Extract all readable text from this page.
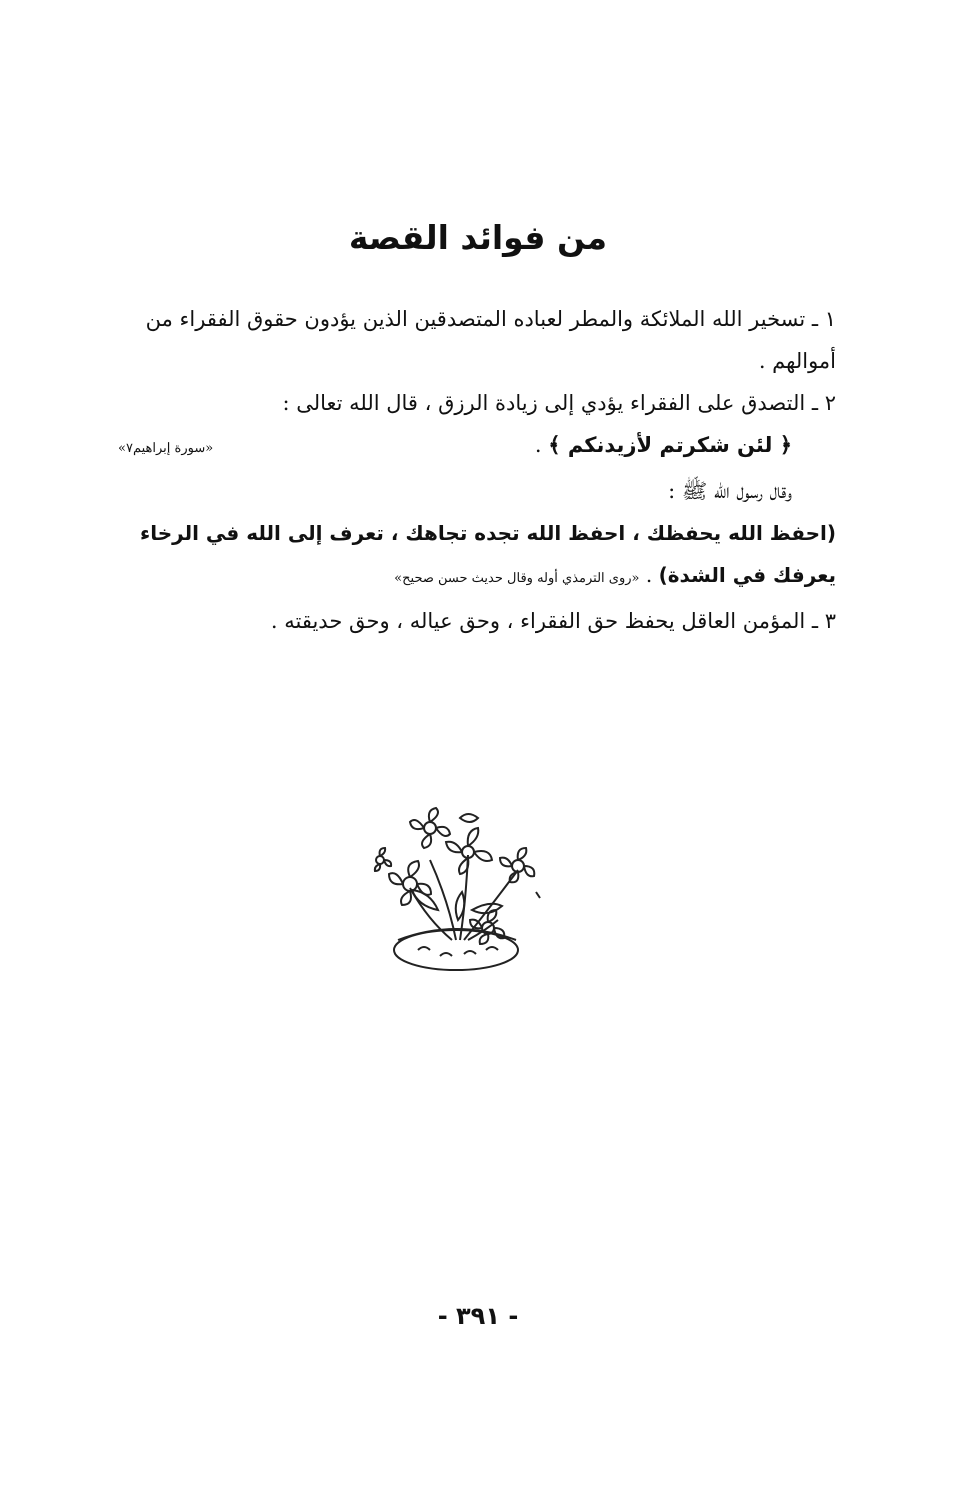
من فوائد القصة

١ ـ تسخير الله الملائكة والمطر لعباده المتصدقين الذين يؤدون حقوق الفقراء من أموالهم .

٢ ـ التصدق على الفقراء يؤدي إلى زيادة الرزق ، قال الله تعالى :

﴿ لئن شكرتم لأزيدنكم ﴾ .
«سورة إبراهيم٧»

وقال رسول الله ﷺ :

(احفظ الله يحفظك ، احفظ الله تجده تجاهك ، تعرف إلى الله في الرخاء يعرفك في الشدة) . «روى الترمذي أوله وقال حديث حسن صحيح»

٣ ـ المؤمن العاقل يحفظ حق الفقراء ، وحق عياله ، وحق حديقته .

- ٣٩١ -
